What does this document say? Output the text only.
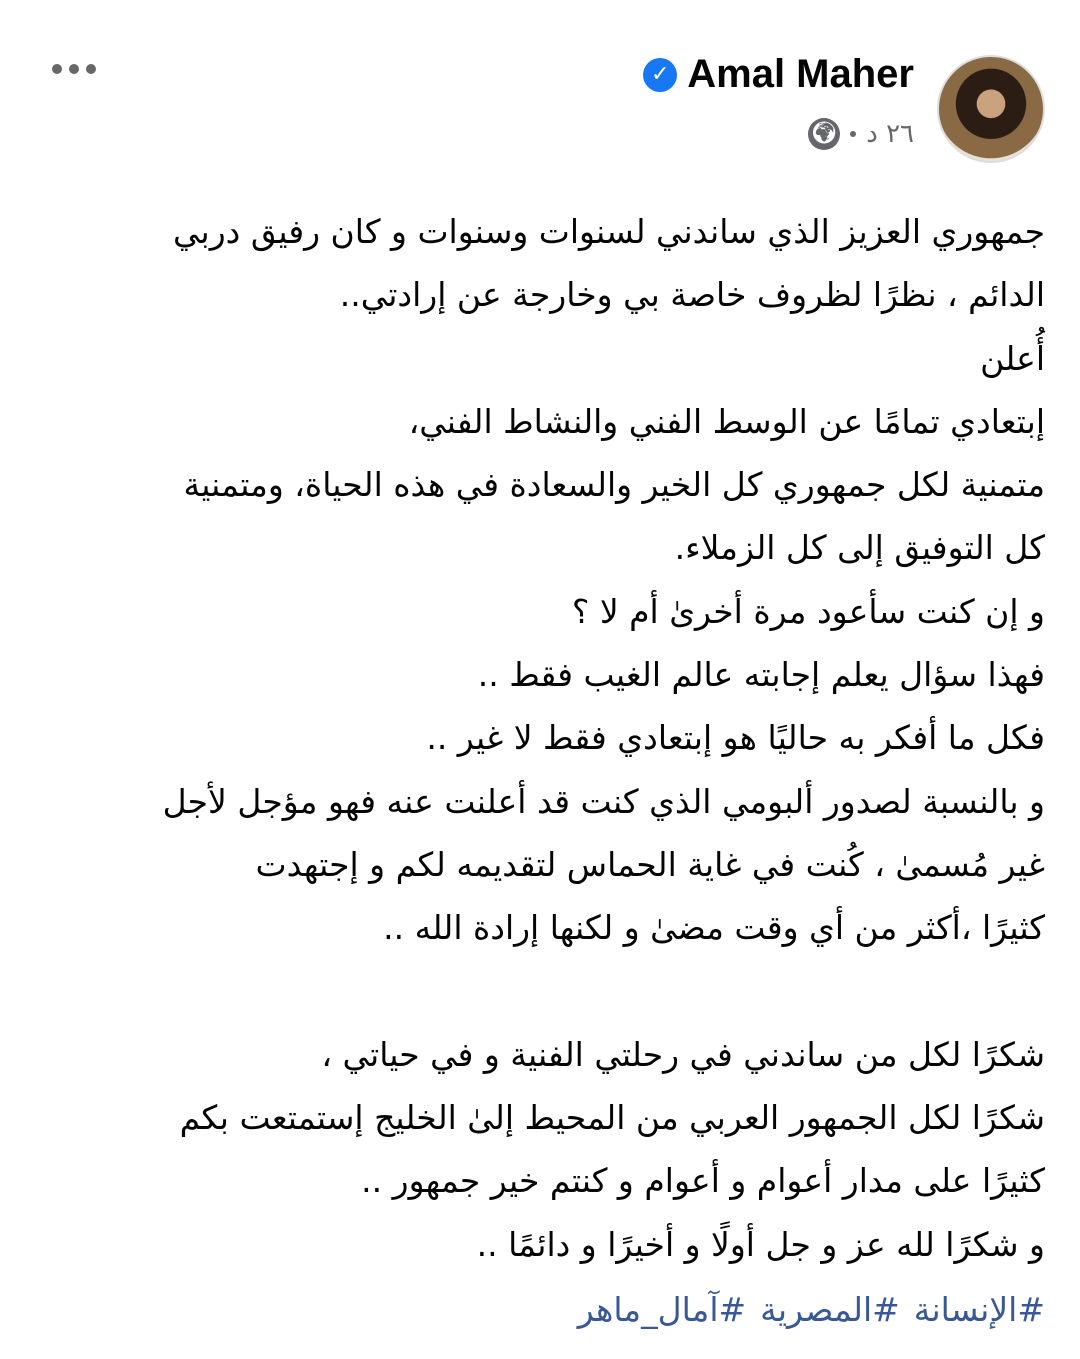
✓ Amal Maher
🌍︎ ٢٦ د
جمهوري العزيز الذي ساندني لسنوات وسنوات و كان رفيق دربي
الدائم ، نظرًا لظروف خاصة بي وخارجة عن إرادتي..
أُعلن
إبتعادي تمامًا عن الوسط الفني والنشاط الفني،
متمنية لكل جمهوري كل الخير والسعادة في هذه الحياة، ومتمنية
كل التوفيق إلى كل الزملاء.
و إن كنت سأعود مرة أخرىٰ أم لا ؟
فهذا سؤال يعلم إجابته عالم الغيب فقط ..
فكل ما أفكر به حاليًا هو إبتعادي فقط لا غير ..
و بالنسبة لصدور ألبومي الذي كنت قد أعلنت عنه فهو مؤجل لأجل
غير مُسمىٰ ، كُنت في غاية الحماس لتقديمه لكم و إجتهدت
كثيرًا ،أكثر من أي وقت مضىٰ و لكنها إرادة الله ..
شكرًا لكل من ساندني في رحلتي الفنية و في حياتي ،
شكرًا لكل الجمهور العربي من المحيط إلىٰ الخليج إستمتعت بكم
كثيرًا على مدار أعوام و أعوام و كنتم خير جمهور ..
و شكرًا لله عز و جل أولًا و أخيرًا و دائمًا ..
#الإنسانة#المصرية#آمال_ماهر
